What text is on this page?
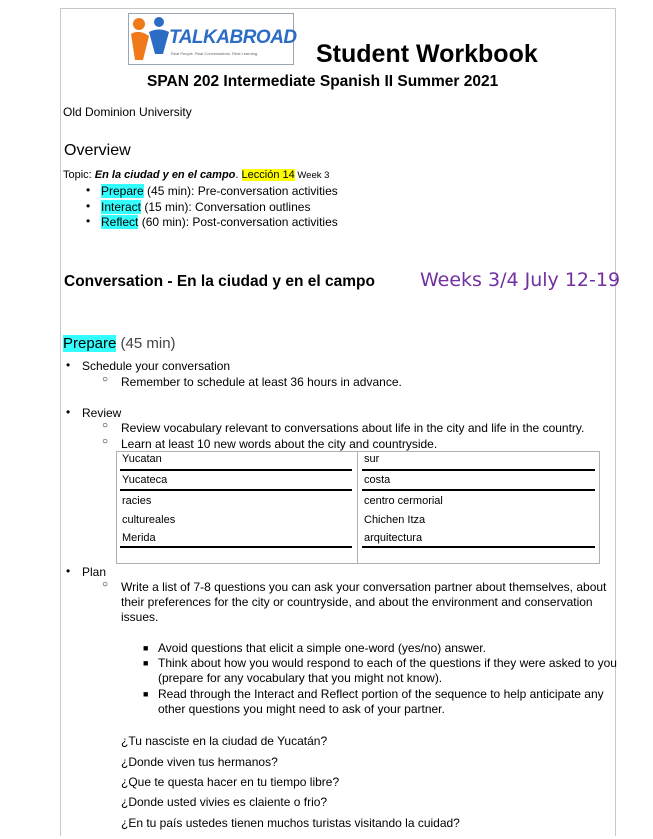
TALKABROAD
Real People. Real Conversations. Real Learning. Student Workbook
SPAN 202 Intermediate Spanish II Summer 2021
Old Dominion University
Overview
Topic: En la ciudad y en el campo. Lección 14 Week 3
• Prepare (45 min): Pre-conversation activities
• Interact (15 min): Conversation outlines
• Reflect (60 min): Post-conversation activities
Conversation - En la ciudad y en el campo Weeks 3/4 July 12-19
Prepare (45 min)
• Schedule your conversation
○ Remember to schedule at least 36 hours in advance.
• Review
○ Review vocabulary relevant to conversations about life in the city and life in the country.
○ Learn at least 10 new words about the city and countryside.
Yucatan
Yucateca
racies
cultureales
Merida
sur
costa
centro cermorial
Chichen Itza
arquitectura
• Plan
○ Write a list of 7-8 questions you can ask your conversation partner about themselves, about
their preferences for the city or countryside, and about the environment and conservation
issues.
■ Avoid questions that elicit a simple one-word (yes/no) answer.
■ Think about how you would respond to each of the questions if they were asked to you
(prepare for any vocabulary that you might not know).
■ Read through the Interact and Reflect portion of the sequence to help anticipate any
other questions you might need to ask of your partner.
¿Tu nasciste en la ciudad de Yucatán?
¿Donde viven tus hermanos?
¿Que te questa hacer en tu tiempo libre?
¿Donde usted vivies es claiente o frio?
¿En tu país ustedes tienen muchos turistas visitando la cuidad?
